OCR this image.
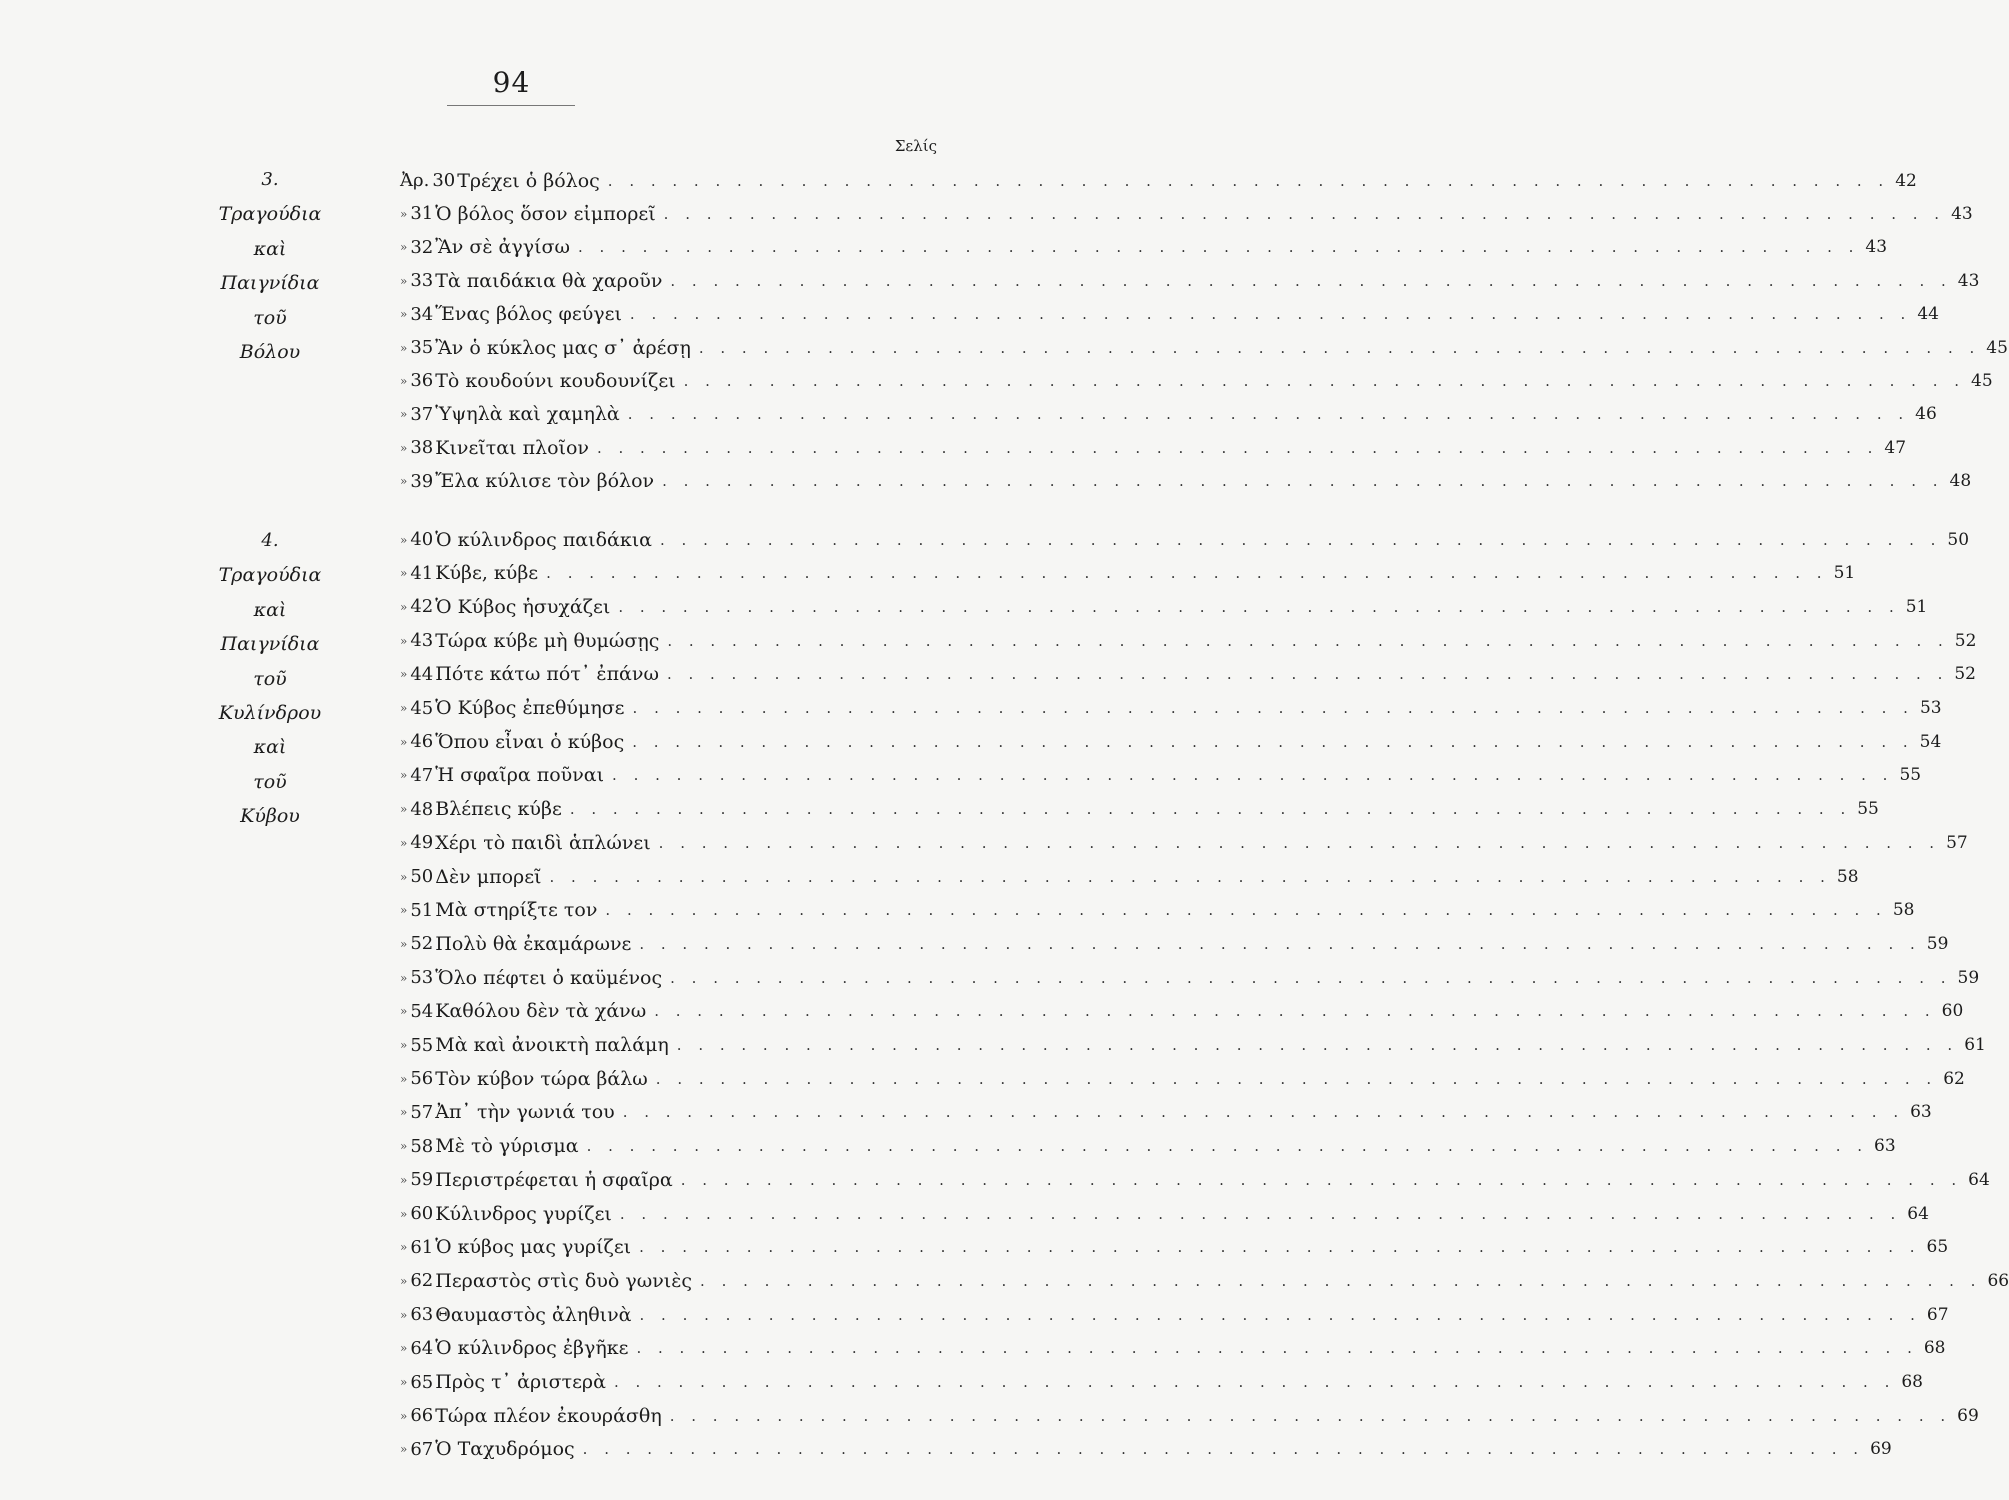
94
Σελίς
3.
Τραγούδια
καὶ
Παιγνίδια
τοῦ
Βόλου
4.
Τραγούδια
καὶ
Παιγνίδια
τοῦ
Κυλίνδρου
καὶ
τοῦ
Κύβου
Ἀρ. 30 Τρέχει ὁ βόλος . . . . . . . . . . . . . . . . . . . . . . . . . . . . . . . . . . . . . . . . . . . . . . . . . . . . . . . . . . . . 42
» 31 Ὁ βόλος ὅσον εἰμπορεῖ . . . . . . . . . . . . . . . . . . . . . . . . . . . . . . . . . . . . . . . . . . . . . . . . . . . . . . . . . . . . 43
» 32 Ἂν σὲ ἀγγίσω . . . . . . . . . . . . . . . . . . . . . . . . . . . . . . . . . . . . . . . . . . . . . . . . . . . . . . . . . . . . 43
» 33 Τὰ παιδάκια θὰ χαροῦν . . . . . . . . . . . . . . . . . . . . . . . . . . . . . . . . . . . . . . . . . . . . . . . . . . . . . . . . . . . . 43
» 34 Ἕνας βόλος φεύγει . . . . . . . . . . . . . . . . . . . . . . . . . . . . . . . . . . . . . . . . . . . . . . . . . . . . . . . . . . . . 44
» 35 Ἂν ὁ κύκλος μας σ᾽ ἀρέσῃ . . . . . . . . . . . . . . . . . . . . . . . . . . . . . . . . . . . . . . . . . . . . . . . . . . . . . . . . . . . . 45
» 36 Τὸ κουδούνι κουδουνίζει . . . . . . . . . . . . . . . . . . . . . . . . . . . . . . . . . . . . . . . . . . . . . . . . . . . . . . . . . . . . 45
» 37 Ὑψηλὰ καὶ χαμηλὰ . . . . . . . . . . . . . . . . . . . . . . . . . . . . . . . . . . . . . . . . . . . . . . . . . . . . . . . . . . . . 46
» 38 Κινεῖται πλοῖον . . . . . . . . . . . . . . . . . . . . . . . . . . . . . . . . . . . . . . . . . . . . . . . . . . . . . . . . . . . . 47
» 39 Ἔλα κύλισε τὸν βόλον . . . . . . . . . . . . . . . . . . . . . . . . . . . . . . . . . . . . . . . . . . . . . . . . . . . . . . . . . . . . 48
» 40 Ὁ κύλινδρος παιδάκια . . . . . . . . . . . . . . . . . . . . . . . . . . . . . . . . . . . . . . . . . . . . . . . . . . . . . . . . . . . . 50
» 41 Κύβε, κύβε . . . . . . . . . . . . . . . . . . . . . . . . . . . . . . . . . . . . . . . . . . . . . . . . . . . . . . . . . . . . 51
» 42 Ὁ Κύβος ἡσυχάζει . . . . . . . . . . . . . . . . . . . . . . . . . . . . . . . . . . . . . . . . . . . . . . . . . . . . . . . . . . . . 51
» 43 Τώρα κύβε μὴ θυμώσῃς . . . . . . . . . . . . . . . . . . . . . . . . . . . . . . . . . . . . . . . . . . . . . . . . . . . . . . . . . . . . 52
» 44 Πότε κάτω πότ᾽ ἐπάνω . . . . . . . . . . . . . . . . . . . . . . . . . . . . . . . . . . . . . . . . . . . . . . . . . . . . . . . . . . . . 52
» 45 Ὁ Κύβος ἐπεθύμησε . . . . . . . . . . . . . . . . . . . . . . . . . . . . . . . . . . . . . . . . . . . . . . . . . . . . . . . . . . . . 53
» 46 Ὅπου εἶναι ὁ κύβος . . . . . . . . . . . . . . . . . . . . . . . . . . . . . . . . . . . . . . . . . . . . . . . . . . . . . . . . . . . . 54
» 47 Ἡ σφαῖρα ποῦναι . . . . . . . . . . . . . . . . . . . . . . . . . . . . . . . . . . . . . . . . . . . . . . . . . . . . . . . . . . . . 55
» 48 Βλέπεις κύβε . . . . . . . . . . . . . . . . . . . . . . . . . . . . . . . . . . . . . . . . . . . . . . . . . . . . . . . . . . . . 55
» 49 Χέρι τὸ παιδὶ ἁπλώνει . . . . . . . . . . . . . . . . . . . . . . . . . . . . . . . . . . . . . . . . . . . . . . . . . . . . . . . . . . . . 57
» 50 Δὲν μπορεῖ . . . . . . . . . . . . . . . . . . . . . . . . . . . . . . . . . . . . . . . . . . . . . . . . . . . . . . . . . . . . 58
» 51 Μὰ στηρίξτε τον . . . . . . . . . . . . . . . . . . . . . . . . . . . . . . . . . . . . . . . . . . . . . . . . . . . . . . . . . . . . 58
» 52 Πολὺ θὰ ἐκαμάρωνε . . . . . . . . . . . . . . . . . . . . . . . . . . . . . . . . . . . . . . . . . . . . . . . . . . . . . . . . . . . . 59
» 53 Ὅλο πέφτει ὁ καϋμένος . . . . . . . . . . . . . . . . . . . . . . . . . . . . . . . . . . . . . . . . . . . . . . . . . . . . . . . . . . . . 59
» 54 Καθόλου δὲν τὰ χάνω . . . . . . . . . . . . . . . . . . . . . . . . . . . . . . . . . . . . . . . . . . . . . . . . . . . . . . . . . . . . 60
» 55 Μὰ καὶ ἀνοικτὴ παλάμη . . . . . . . . . . . . . . . . . . . . . . . . . . . . . . . . . . . . . . . . . . . . . . . . . . . . . . . . . . . . 61
» 56 Τὸν κύβον τώρα βάλω . . . . . . . . . . . . . . . . . . . . . . . . . . . . . . . . . . . . . . . . . . . . . . . . . . . . . . . . . . . . 62
» 57 Ἀπ᾽ τὴν γωνιά του . . . . . . . . . . . . . . . . . . . . . . . . . . . . . . . . . . . . . . . . . . . . . . . . . . . . . . . . . . . . 63
» 58 Μὲ τὸ γύρισμα . . . . . . . . . . . . . . . . . . . . . . . . . . . . . . . . . . . . . . . . . . . . . . . . . . . . . . . . . . . . 63
» 59 Περιστρέφεται ἡ σφαῖρα . . . . . . . . . . . . . . . . . . . . . . . . . . . . . . . . . . . . . . . . . . . . . . . . . . . . . . . . . . . . 64
» 60 Κύλινδρος γυρίζει . . . . . . . . . . . . . . . . . . . . . . . . . . . . . . . . . . . . . . . . . . . . . . . . . . . . . . . . . . . . 64
» 61 Ὁ κύβος μας γυρίζει . . . . . . . . . . . . . . . . . . . . . . . . . . . . . . . . . . . . . . . . . . . . . . . . . . . . . . . . . . . . 65
» 62 Περαστὸς στὶς δυὸ γωνιὲς . . . . . . . . . . . . . . . . . . . . . . . . . . . . . . . . . . . . . . . . . . . . . . . . . . . . . . . . . . . . 66
» 63 Θαυμαστὸς ἀληθινὰ . . . . . . . . . . . . . . . . . . . . . . . . . . . . . . . . . . . . . . . . . . . . . . . . . . . . . . . . . . . . 67
» 64 Ὁ κύλινδρος ἐβγῆκε . . . . . . . . . . . . . . . . . . . . . . . . . . . . . . . . . . . . . . . . . . . . . . . . . . . . . . . . . . . . 68
» 65 Πρὸς τ᾽ ἀριστερὰ . . . . . . . . . . . . . . . . . . . . . . . . . . . . . . . . . . . . . . . . . . . . . . . . . . . . . . . . . . . . 68
» 66 Τώρα πλέον ἐκουράσθη . . . . . . . . . . . . . . . . . . . . . . . . . . . . . . . . . . . . . . . . . . . . . . . . . . . . . . . . . . . . 69
» 67 Ὁ Ταχυδρόμος . . . . . . . . . . . . . . . . . . . . . . . . . . . . . . . . . . . . . . . . . . . . . . . . . . . . . . . . . . . . 69
